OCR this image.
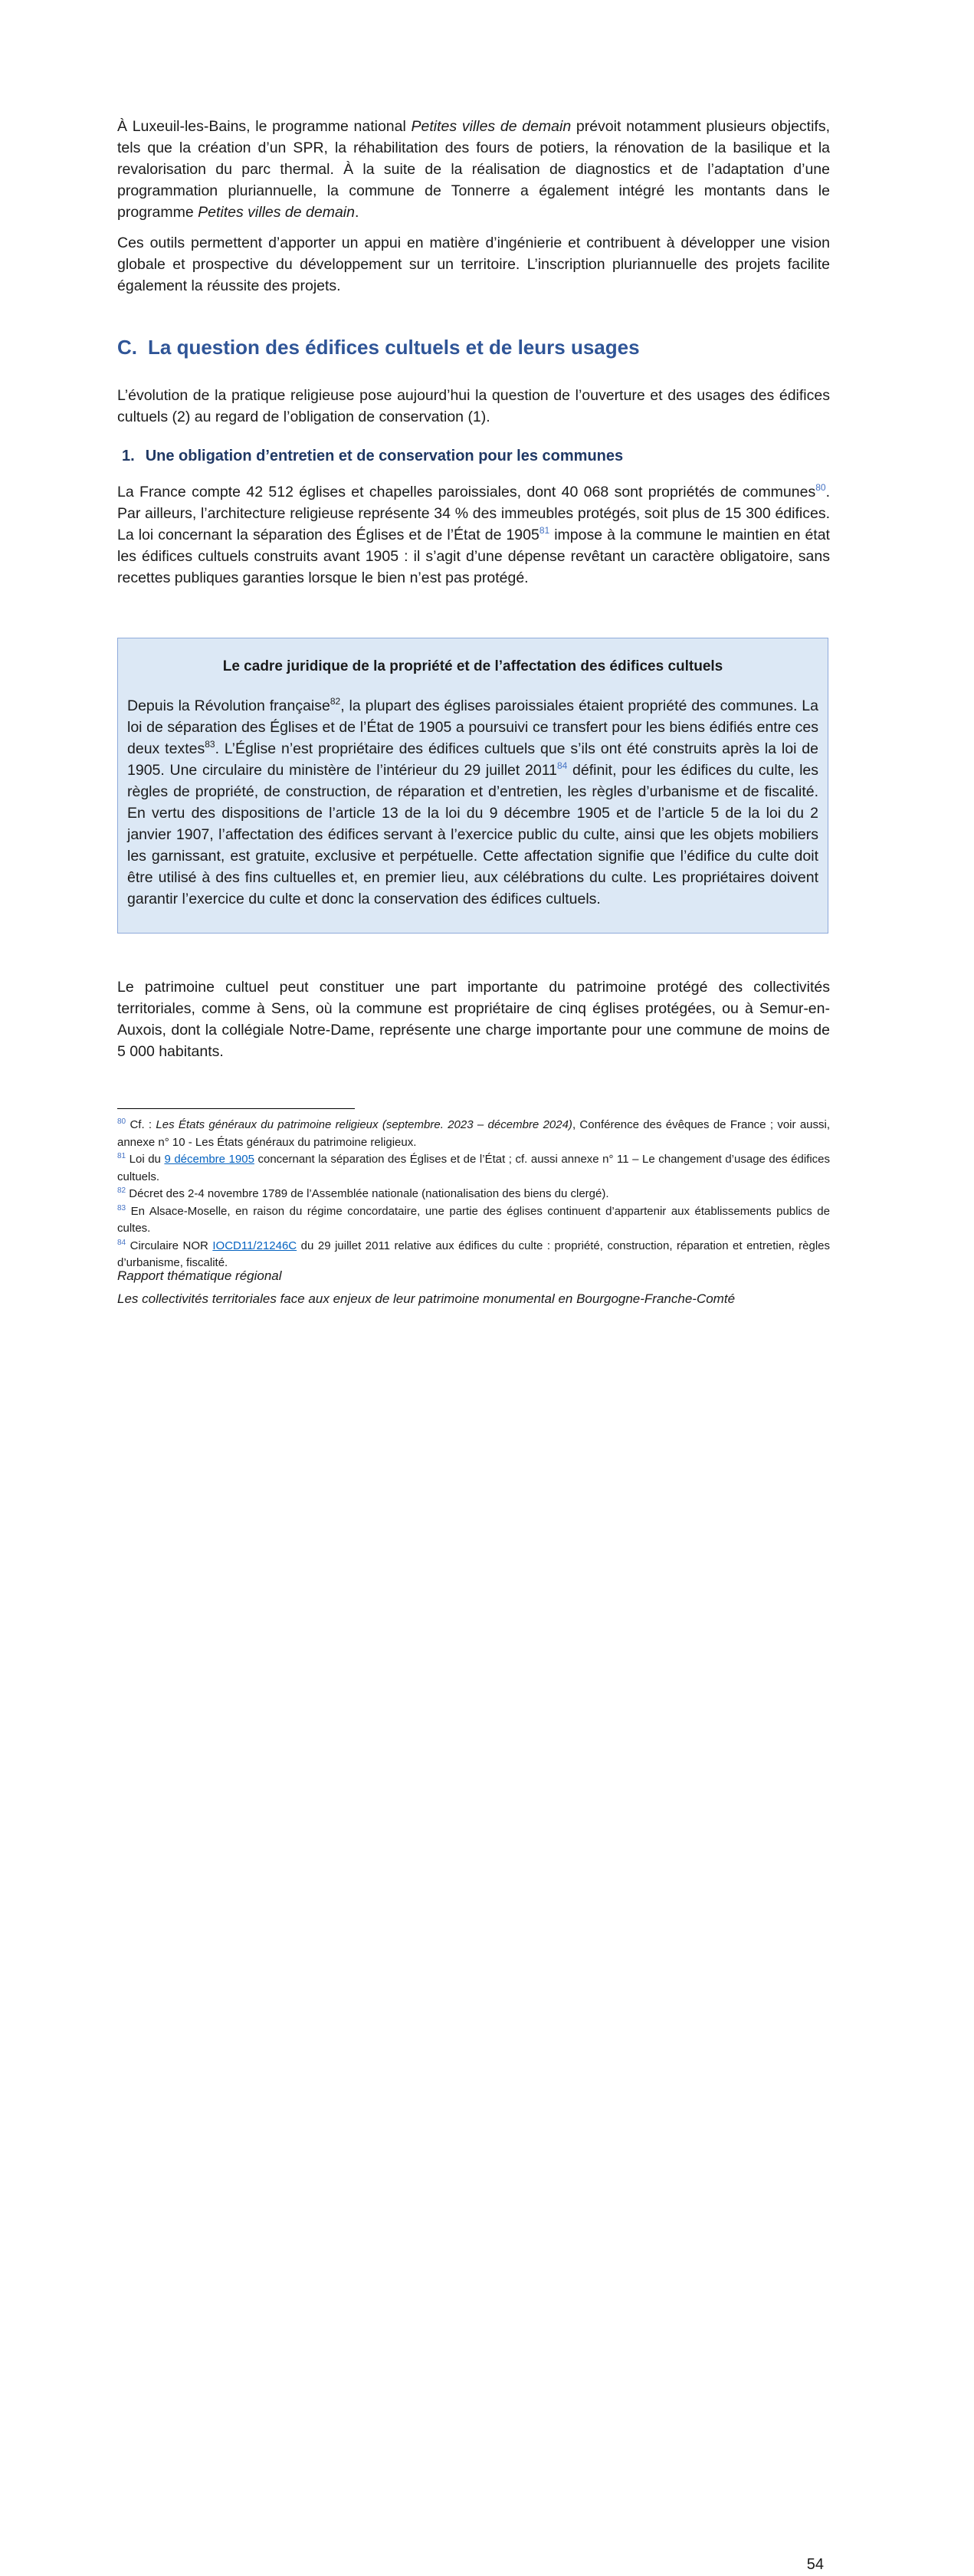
À Luxeuil-les-Bains, le programme national Petites villes de demain prévoit notamment plusieurs objectifs, tels que la création d’un SPR, la réhabilitation des fours de potiers, la rénovation de la basilique et la revalorisation du parc thermal. À la suite de la réalisation de diagnostics et de l’adaptation d’une programmation pluriannuelle, la commune de Tonnerre a également intégré les montants dans le programme Petites villes de demain.

Ces outils permettent d’apporter un appui en matière d’ingénierie et contribuent à développer une vision globale et prospective du développement sur un territoire. L’inscription pluriannuelle des projets facilite également la réussite des projets.

C. La question des édifices cultuels et de leurs usages

L’évolution de la pratique religieuse pose aujourd’hui la question de l’ouverture et des usages des édifices cultuels (2) au regard de l’obligation de conservation (1).

1. Une obligation d’entretien et de conservation pour les communes

La France compte 42 512 églises et chapelles paroissiales, dont 40 068 sont propriétés de communes$^{80}$. Par ailleurs, l’architecture religieuse représente 34 % des immeubles protégés, soit plus de 15 300 édifices. La loi concernant la séparation des Églises et de l’État de 1905$^{81}$ impose à la commune le maintien en état les édifices cultuels construits avant 1905 : il s’agit d’une dépense revêtant un caractère obligatoire, sans recettes publiques garanties lorsque le bien n’est pas protégé.

Le cadre juridique de la propriété et de l’affectation des édifices cultuels

Depuis la Révolution française$^{82}$, la plupart des églises paroissiales étaient propriété des communes. La loi de séparation des Églises et de l’État de 1905 a poursuivi ce transfert pour les biens édifiés entre ces deux textes$^{83}$. L’Église n’est propriétaire des édifices cultuels que s’ils ont été construits après la loi de 1905. Une circulaire du ministère de l’intérieur du 29 juillet 2011$^{84}$ définit, pour les édifices du culte, les règles de propriété, de construction, de réparation et d’entretien, les règles d’urbanisme et de fiscalité. En vertu des dispositions de l’article 13 de la loi du 9 décembre 1905 et de l’article 5 de la loi du 2 janvier 1907, l’affectation des édifices servant à l’exercice public du culte, ainsi que les objets mobiliers les garnissant, est gratuite, exclusive et perpétuelle. Cette affectation signifie que l’édifice du culte doit être utilisé à des fins cultuelles et, en premier lieu, aux célébrations du culte. Les propriétaires doivent garantir l’exercice du culte et donc la conservation des édifices cultuels.

Le patrimoine cultuel peut constituer une part importante du patrimoine protégé des collectivités territoriales, comme à Sens, où la commune est propriétaire de cinq églises protégées, ou à Semur-en-Auxois, dont la collégiale Notre-Dame, représente une charge importante pour une commune de moins de 5 000 habitants.

$^{80}$ Cf. : Les États généraux du patrimoine religieux (septembre. 2023 – décembre 2024), Conférence des évêques de France ; voir aussi, annexe n° 10 - Les États généraux du patrimoine religieux.

$^{81}$ Loi du 9 décembre 1905 concernant la séparation des Églises et de l’État ; cf. aussi annexe n° 11 – Le changement d’usage des édifices cultuels.

$^{82}$ Décret des 2-4 novembre 1789 de l’Assemblée nationale (nationalisation des biens du clergé).

$^{83}$ En Alsace-Moselle, en raison du régime concordataire, une partie des églises continuent d’appartenir aux établissements publics de cultes.

$^{84}$ Circulaire NOR IOCD11/21246C du 29 juillet 2011 relative aux édifices du culte : propriété, construction, réparation et entretien, règles d’urbanisme, fiscalité.

Rapport thématique régional
Les collectivités territoriales face aux enjeux de leur patrimoine monumental en Bourgogne-Franche-Comté
54
